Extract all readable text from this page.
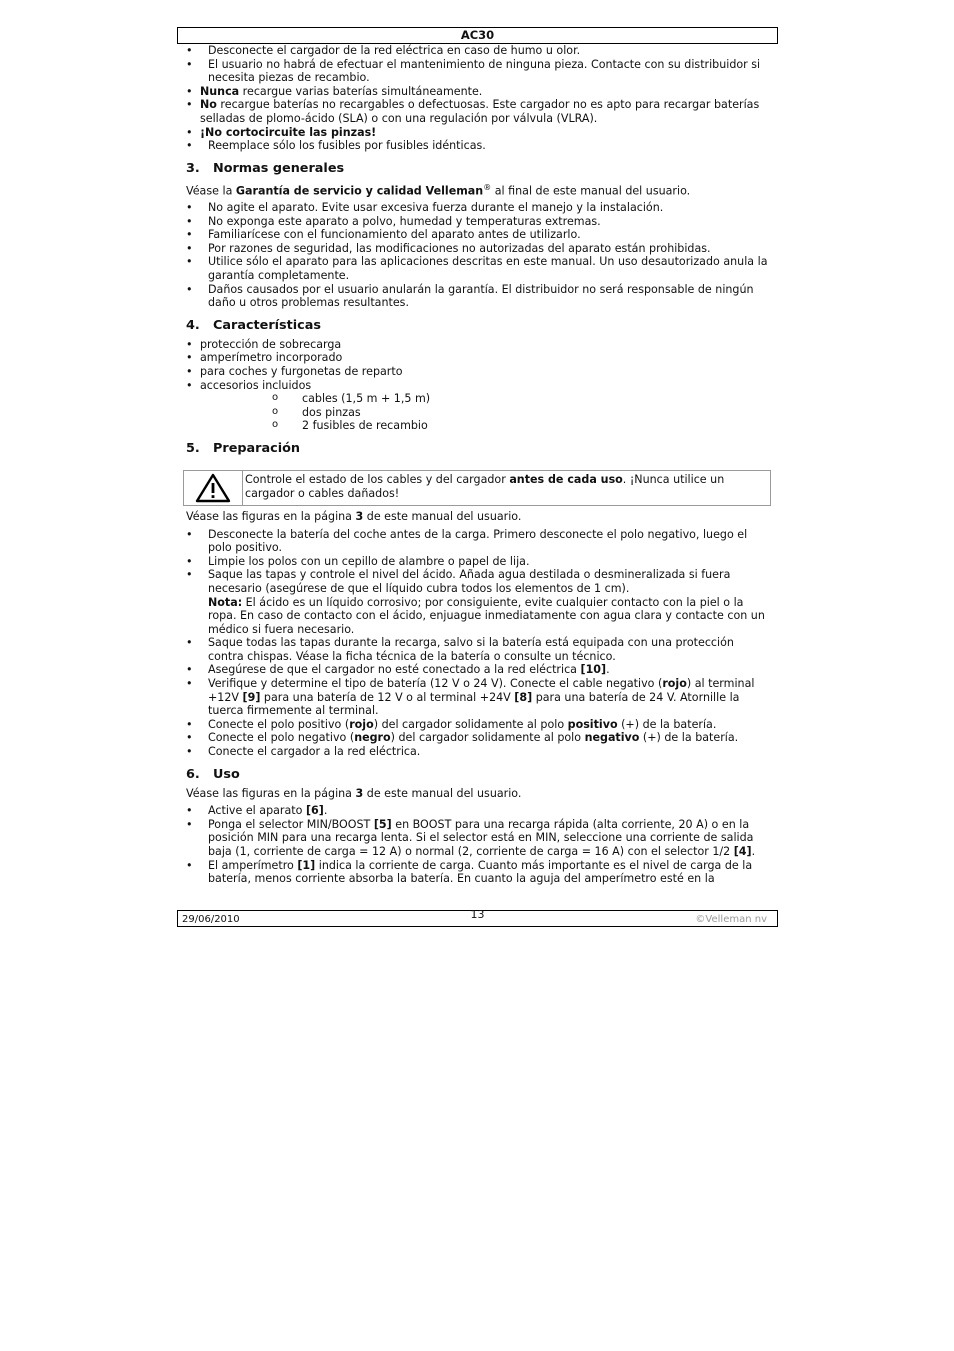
AC30
• Desconecte el cargador de la red eléctrica en caso de humo u olor.
• El usuario no habrá de efectuar el mantenimiento de ninguna pieza. Contacte con su distribuidor si necesita piezas de recambio.
• Nunca recargue varias baterías simultáneamente.
• No recargue baterías no recargables o defectuosas. Este cargador no es apto para recargar baterías selladas de plomo-ácido (SLA) o con una regulación por válvula (VLRA).
• ¡No cortocircuite las pinzas!
• Reemplace sólo los fusibles por fusibles idénticas.
3. Normas generales

Véase la Garantía de servicio y calidad Velleman® al final de este manual del usuario.

• No agite el aparato. Evite usar excesiva fuerza durante el manejo y la instalación.
• No exponga este aparato a polvo, humedad y temperaturas extremas.
• Familiarícese con el funcionamiento del aparato antes de utilizarlo.
• Por razones de seguridad, las modificaciones no autorizadas del aparato están prohibidas.
• Utilice sólo el aparato para las aplicaciones descritas en este manual. Un uso desautorizado anula la garantía completamente.
• Daños causados por el usuario anularán la garantía. El distribuidor no será responsable de ningún daño u otros problemas resultantes.
4. Características
• protección de sobrecarga
• amperímetro incorporado
• para coches y furgonetas de reparto
• accesorios incluidos
o cables (1,5 m + 1,5 m)
o dos pinzas
o 2 fusibles de recambio
5. Preparación
Controle el estado de los cables y del cargador antes de cada uso. ¡Nunca utilice un cargador o cables dañados!

Véase las figuras en la página 3 de este manual del usuario.

• Desconecte la batería del coche antes de la carga. Primero desconecte el polo negativo, luego el polo positivo.
• Limpie los polos con un cepillo de alambre o papel de lija.
• Saque las tapas y controle el nivel del ácido. Añada agua destilada o desmineralizada si fuera necesario (asegúrese de que el líquido cubra todos los elementos de 1 cm).
Nota: El ácido es un líquido corrosivo; por consiguiente, evite cualquier contacto con la piel o la ropa. En caso de contacto con el ácido, enjuague inmediatamente con agua clara y contacte con un médico si fuera necesario.
• Saque todas las tapas durante la recarga, salvo si la batería está equipada con una protección contra chispas. Véase la ficha técnica de la batería o consulte un técnico.
• Asegúrese de que el cargador no esté conectado a la red eléctrica [10].
• Verifique y determine el tipo de batería (12 V o 24 V). Conecte el cable negativo (rojo) al terminal +12V [9] para una batería de 12 V o al terminal +24V [8] para una batería de 24 V. Atornille la tuerca firmemente al terminal.
• Conecte el polo positivo (rojo) del cargador solidamente al polo positivo (+) de la batería.
• Conecte el polo negativo (negro) del cargador solidamente al polo negativo (+) de la batería.
• Conecte el cargador a la red eléctrica.
6. Uso

Véase las figuras en la página 3 de este manual del usuario.

• Active el aparato [6].
• Ponga el selector MIN/BOOST [5] en BOOST para una recarga rápida (alta corriente, 20 A) o en la posición MIN para una recarga lenta. Si el selector está en MIN, seleccione una corriente de salida baja (1, corriente de carga = 12 A) o normal (2, corriente de carga = 16 A) con el selector 1/2 [4].
• El amperímetro [1] indica la corriente de carga. Cuanto más importante es el nivel de carga de la batería, menos corriente absorba la batería. En cuanto la aguja del amperímetro esté en la
29/06/2010	13	©Velleman nv
